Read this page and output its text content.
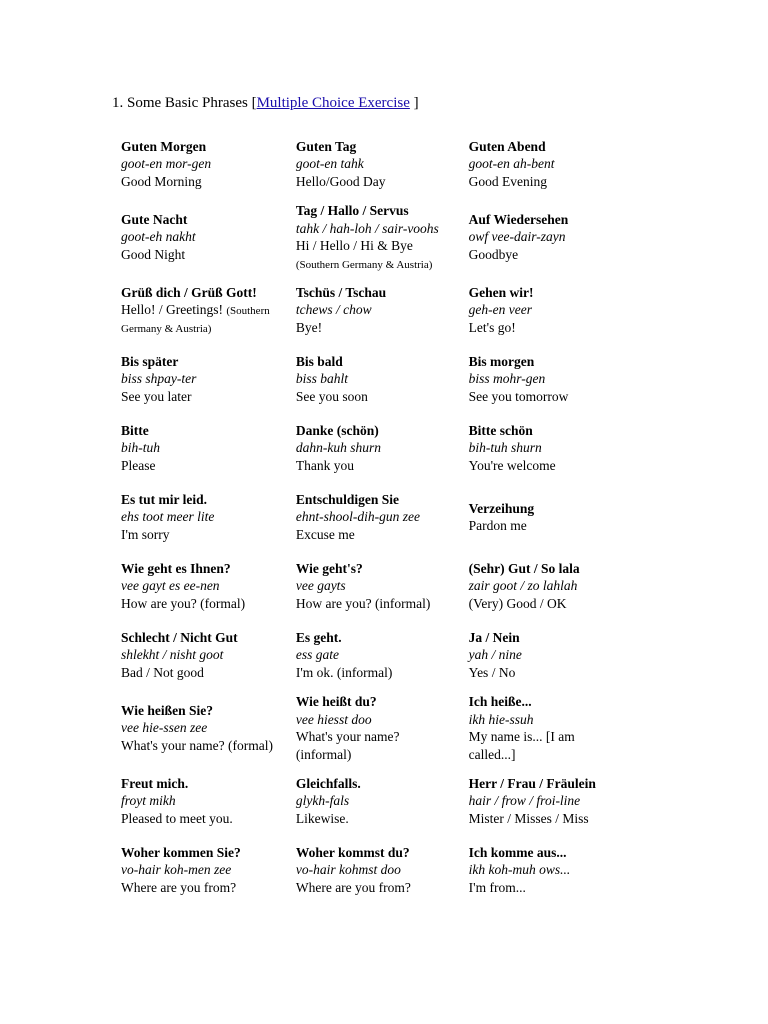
1. Some Basic Phrases [Multiple Choice Exercise ]
Guten Morgen
goot-en mor-gen
Good Morning	Guten Tag
goot-en tahk
Hello/Good Day	Guten Abend
goot-en ah-bent
Good Evening

Gute Nacht
goot-eh nakht
Good Night	Tag / Hallo / Servus
tahk / hah-loh / sair-voohs
Hi / Hello / Hi & Bye
(Southern Germany & Austria)	Auf Wiedersehen
owf vee-dair-zayn
Goodbye

Grüß dich / Grüß Gott!
Hello! / Greetings! (Southern Germany & Austria)	Tschüs / Tschau
tchews / chow
Bye!	Gehen wir!
geh-en veer
Let's go!

Bis später
biss shpay-ter
See you later	Bis bald
biss bahlt
See you soon	Bis morgen
biss mohr-gen
See you tomorrow

Bitte
bih-tuh
Please	Danke (schön)
dahn-kuh shurn
Thank you	Bitte schön
bih-tuh shurn
You're welcome

Es tut mir leid.
ehs toot meer lite
I'm sorry	Entschuldigen Sie
ehnt-shool-dih-gun zee
Excuse me	Verzeihung
Pardon me

Wie geht es Ihnen?
vee gayt es ee-nen
How are you? (formal)	Wie geht's?
vee gayts
How are you? (informal)	(Sehr) Gut / So lala
zair goot / zo lahlah
(Very) Good / OK

Schlecht / Nicht Gut
shlekht / nisht goot
Bad / Not good	Es geht.
ess gate
I'm ok. (informal)	Ja / Nein
yah / nine
Yes / No

Wie heißen Sie?
vee hie-ssen zee
What's your name? (formal)	Wie heißt du?
vee hiesst doo
What's your name? (informal)	Ich heiße...
ikh hie-ssuh
My name is... [I am called...]

Freut mich.
froyt mikh
Pleased to meet you.	Gleichfalls.
glykh-fals
Likewise.	Herr / Frau / Fräulein
hair / frow / froi-line
Mister / Misses / Miss

Woher kommen Sie?
vo-hair koh-men zee
Where are you from?	Woher kommst du?
vo-hair kohmst doo
Where are you from?	Ich komme aus...
ikh koh-muh ows...
I'm from...
